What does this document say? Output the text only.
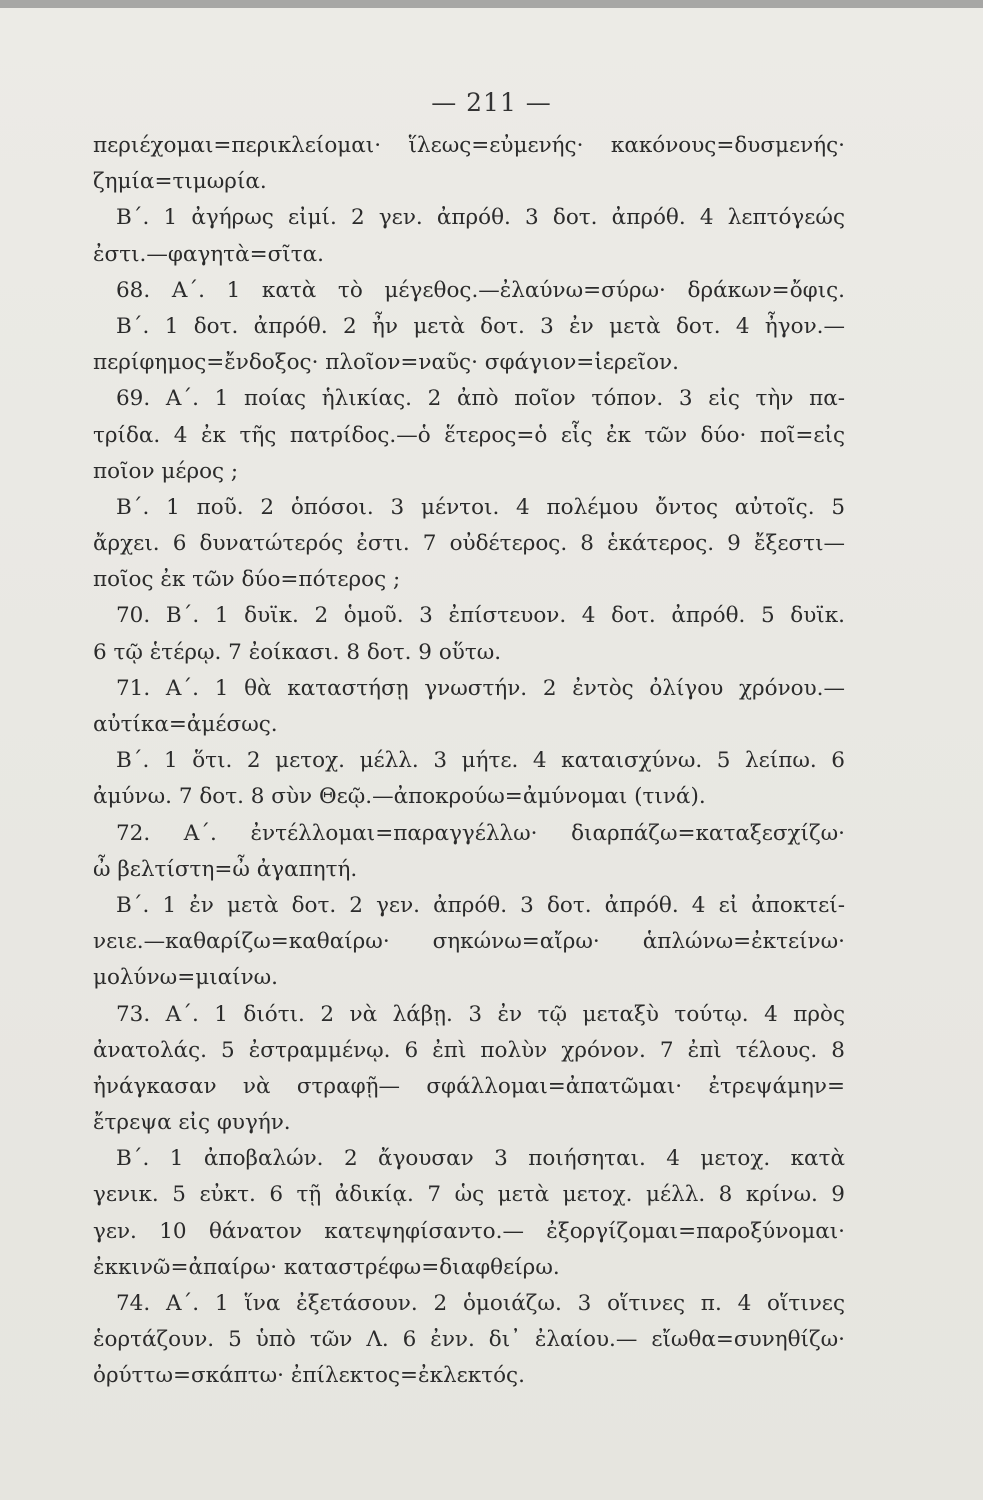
— 211 —
περιέχομαι=περικλείομαι· ἵλεως=εὐμενής· κακόνους=δυσμενής·
ζημία=τιμωρία.
Β΄. 1 ἀγήρως εἰμί. 2 γεν. ἀπρόθ. 3 δοτ. ἀπρόθ. 4 λεπτόγεώς
ἐστι.—φαγητὰ=σῖτα.
68. Α΄. 1 κατὰ τὸ μέγεθος.—ἐλαύνω=σύρω· δράκων=ὄφις.
Β΄. 1 δοτ. ἀπρόθ. 2 ἦν μετὰ δοτ. 3 ἐν μετὰ δοτ. 4 ἦγον.—
περίφημος=ἔνδοξος· πλοῖον=ναῦς· σφάγιον=ἱερεῖον.
69. Α΄. 1 ποίας ἡλικίας. 2 ἀπὸ ποῖον τόπον. 3 εἰς τὴν πα-
τρίδα. 4 ἐκ τῆς πατρίδος.—ὁ ἕτερος=ὁ εἷς ἐκ τῶν δύο· ποῖ=εἰς
ποῖον μέρος ;
Β΄. 1 ποῦ. 2 ὁπόσοι. 3 μέντοι. 4 πολέμου ὄντος αὐτοῖς. 5
ἄρχει. 6 δυνατώτερός ἐστι. 7 οὐδέτερος. 8 ἑκάτερος. 9 ἔξεστι—
ποῖος ἐκ τῶν δύο=πότερος ;
70. Β΄. 1 δυϊκ. 2 ὁμοῦ. 3 ἐπίστευον. 4 δοτ. ἀπρόθ. 5 δυϊκ.
6 τῷ ἑτέρῳ. 7 ἐοίκασι. 8 δοτ. 9 οὕτω.
71. Α΄. 1 θὰ καταστήσῃ γνωστήν. 2 ἐντὸς ὀλίγου χρόνου.—
αὐτίκα=ἀμέσως.
Β΄. 1 ὅτι. 2 μετοχ. μέλλ. 3 μήτε. 4 καταισχύνω. 5 λείπω. 6
ἀμύνω. 7 δοτ. 8 σὺν Θεῷ.—ἀποκρούω=ἀμύνομαι (τινά).
72. Α΄. ἐντέλλομαι=παραγγέλλω· διαρπάζω=καταξεσχίζω·
ὦ βελτίστη=ὦ ἀγαπητή.
Β΄. 1 ἐν μετὰ δοτ. 2 γεν. ἀπρόθ. 3 δοτ. ἀπρόθ. 4 εἰ ἀποκτεί-
νειε.—καθαρίζω=καθαίρω· σηκώνω=αἴρω· ἁπλώνω=ἐκτείνω·
μολύνω=μιαίνω.
73. Α΄. 1 διότι. 2 νὰ λάβῃ. 3 ἐν τῷ μεταξὺ τούτῳ. 4 πρὸς
ἀνατολάς. 5 ἐστραμμένῳ. 6 ἐπὶ πολὺν χρόνον. 7 ἐπὶ τέλους. 8
ἠνάγκασαν νὰ στραφῇ— σφάλλομαι=ἀπατῶμαι· ἐτρεψάμην=
ἔτρεψα εἰς φυγήν.
Β΄. 1 ἀποβαλών. 2 ἄγουσαν 3 ποιήσηται. 4 μετοχ. κατὰ
γενικ. 5 εὐκτ. 6 τῇ ἀδικίᾳ. 7 ὡς μετὰ μετοχ. μέλλ. 8 κρίνω. 9
γεν. 10 θάνατον κατεψηφίσαντο.— ἐξοργίζομαι=παροξύνομαι·
ἐκκινῶ=ἀπαίρω· καταστρέφω=διαφθείρω.
74. Α΄. 1 ἵνα ἐξετάσουν. 2 ὁμοιάζω. 3 οἵτινες π. 4 οἵτινες
ἑορτάζουν. 5 ὑπὸ τῶν Λ. 6 ἐνν. δι᾽ ἐλαίου.— εἴωθα=συνηθίζω·
ὀρύττω=σκάπτω· ἐπίλεκτος=ἐκλεκτός.
